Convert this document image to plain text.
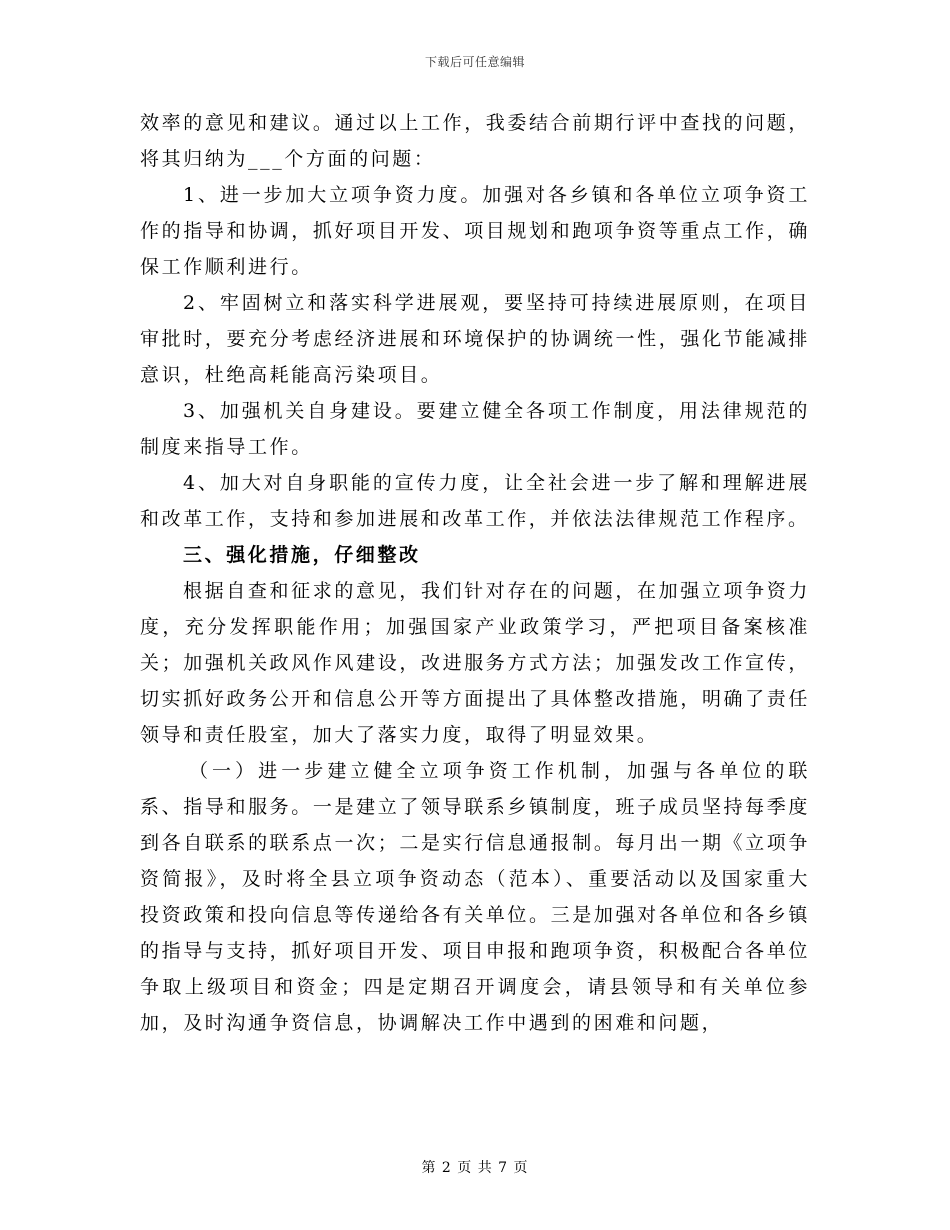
下载后可任意编辑

效率的意见和建议。通过以上工作，我委结合前期行评中查找的问题，将其归纳为___个方面的问题：

1、进一步加大立项争资力度。加强对各乡镇和各单位立项争资工作的指导和协调，抓好项目开发、项目规划和跑项争资等重点工作，确保工作顺利进行。

2、牢固树立和落实科学进展观，要坚持可持续进展原则，在项目审批时，要充分考虑经济进展和环境保护的协调统一性，强化节能减排意识，杜绝高耗能高污染项目。

3、加强机关自身建设。要建立健全各项工作制度，用法律规范的制度来指导工作。

4、加大对自身职能的宣传力度，让全社会进一步了解和理解进展和改革工作，支持和参加进展和改革工作，并依法法律规范工作程序。

三、强化措施，仔细整改

根据自查和征求的意见，我们针对存在的问题，在加强立项争资力度，充分发挥职能作用；加强国家产业政策学习，严把项目备案核准关；加强机关政风作风建设，改进服务方式方法；加强发改工作宣传，切实抓好政务公开和信息公开等方面提出了具体整改措施，明确了责任领导和责任股室，加大了落实力度，取得了明显效果。

（一）进一步建立健全立项争资工作机制，加强与各单位的联系、指导和服务。一是建立了领导联系乡镇制度，班子成员坚持每季度到各自联系的联系点一次；二是实行信息通报制。每月出一期《立项争资简报》，及时将全县立项争资动态（范本）、重要活动以及国家重大投资政策和投向信息等传递给各有关单位。三是加强对各单位和各乡镇的指导与支持，抓好项目开发、项目申报和跑项争资，积极配合各单位争取上级项目和资金；四是定期召开调度会，请县领导和有关单位参加，及时沟通争资信息，协调解决工作中遇到的困难和问题，

第 2 页 共 7 页
